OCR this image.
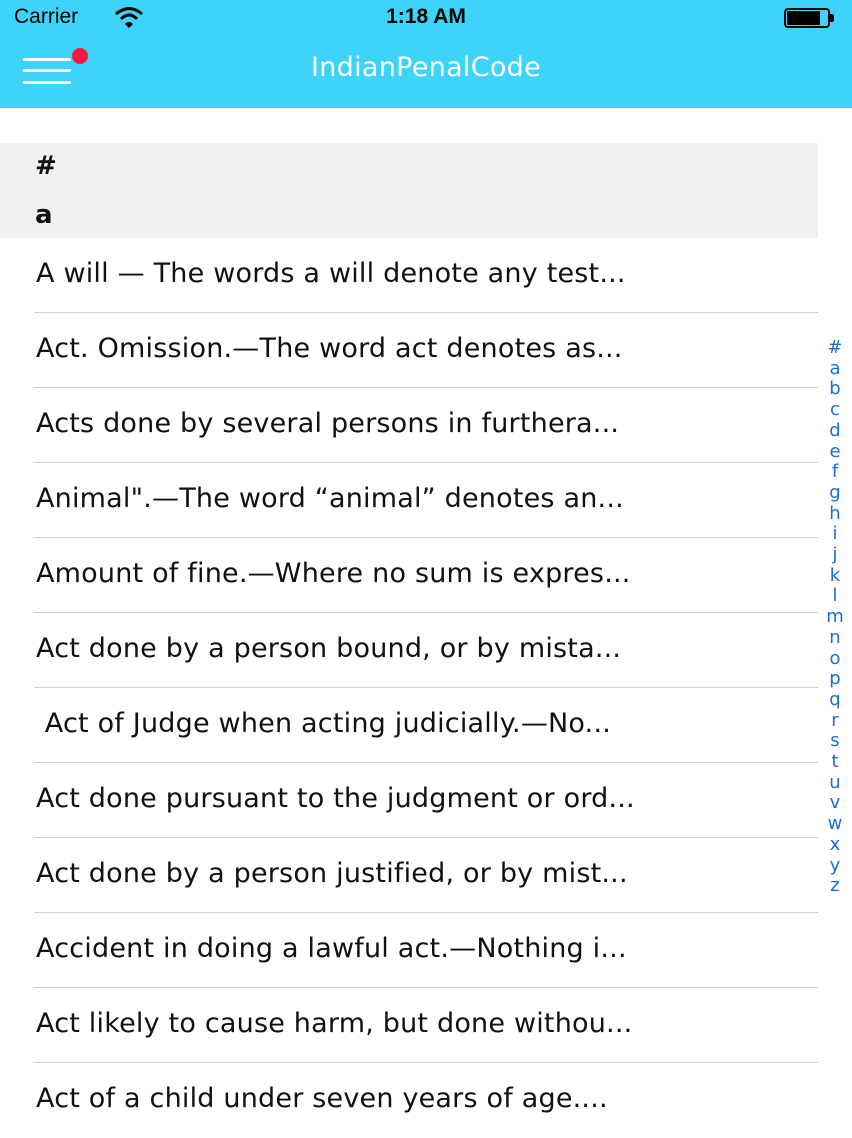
Carrier	1:18 AM
IndianPenalCode
#
a
A will — The words a will denote any test...
Act. Omission.—The word act denotes as...
Acts done by several persons in furthera...
Animal".—The word “animal” denotes an...
Amount of fine.—Where no sum is expres...
Act done by a person bound, or by mista...
Act of Judge when acting judicially.—No...
Act done pursuant to the judgment or ord...
Act done by a person justified, or by mist...
Accident in doing a lawful act.—Nothing i...
Act likely to cause harm, but done withou...
Act of a child under seven years of age....
#
a
b
c
d
e
f
g
h
i
j
k
l
m
n
o
p
q
r
s
t
u
v
w
x
y
z
